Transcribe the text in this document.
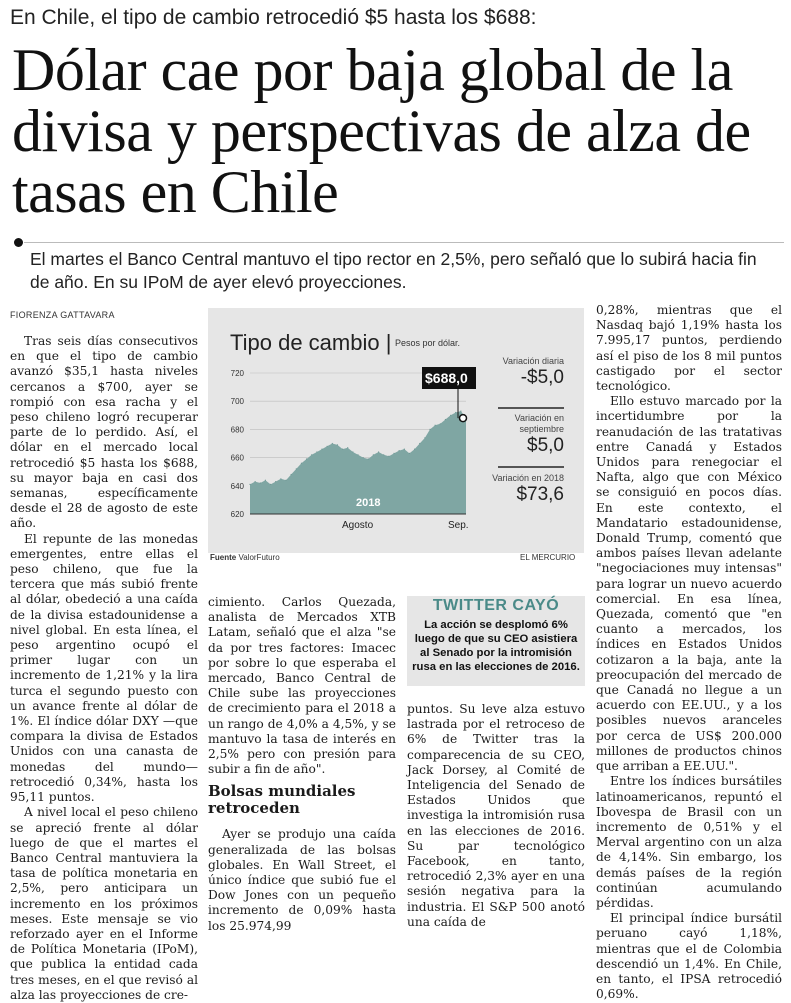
En Chile, el tipo de cambio retrocedió $5 hasta los $688:
Dólar cae por baja global de la divisa y perspectivas de alza de tasas en Chile
El martes el Banco Central mantuvo el tipo rector en 2,5%, pero señaló que lo subirá hacia fin de año. En su IPoM de ayer elevó proyecciones.
FIORENZA GATTAVARA

Tras seis días consecutivos en que el tipo de cambio avanzó $35,1 hasta niveles cercanos a $700, ayer se rompió con esa racha y el peso chileno logró recuperar parte de lo perdido. Así, el dólar en el mercado local retrocedió $5 hasta los $688, su mayor baja en casi dos semanas, específicamente desde el 28 de agosto de este año.

El repunte de las monedas emergentes, entre ellas el peso chileno, que fue la tercera que más subió frente al dólar, obedeció a una caída de la divisa estadounidense a nivel global. En esta línea, el peso argentino ocupó el primer lugar con un incremento de 1,21% y la lira turca el segundo puesto con un avance frente al dólar de 1%. El índice dólar DXY —que compara la divisa de Estados Unidos con una canasta de monedas del mundo— retrocedió 0,34%, hasta los 95,11 puntos.

A nivel local el peso chileno se apreció frente al dólar luego de que el martes el Banco Central mantuviera la tasa de política monetaria en 2,5%, pero anticipara un incremento en los próximos meses. Este mensaje se vio reforzado ayer en el Informe de Política Monetaria (IPoM), que publica la entidad cada tres meses, en el que revisó al alza las proyecciones de cre-

720
700
680
660
640
620
2018
Agosto	Sep.
$688,0
Tipo de cambio | Pesos por dólar.
Variación diaria
-$5,0
Variación en septiembre
$5,0
Variación en 2018
$73,6
Fuente ValorFuturo	EL MERCURIO

cimiento. Carlos Quezada, analista de Mercados XTB Latam, señaló que el alza "se da por tres factores: Imacec por sobre lo que esperaba el mercado, Banco Central de Chile sube las proyecciones de crecimiento para el 2018 a un rango de 4,0% a 4,5%, y se mantuvo la tasa de interés en 2,5% pero con presión para subir a fin de año".

Bolsas mundiales retroceden

Ayer se produjo una caída generalizada de las bolsas globales. En Wall Street, el único índice que subió fue el Dow Jones con un pequeño incremento de 0,09% hasta los 25.974,99

TWITTER CAYÓ
La acción se desplomó 6% luego de que su CEO asistiera al Senado por la intromisión rusa en las elecciones de 2016.

puntos. Su leve alza estuvo lastrada por el retroceso de 6% de Twitter tras la comparecencia de su CEO, Jack Dorsey, al Comité de Inteligencia del Senado de Estados Unidos que investiga la intromisión rusa en las elecciones de 2016. Su par tecnológico Facebook, en tanto, retrocedió 2,3% ayer en una sesión negativa para la industria. El S&P 500 anotó una caída de

0,28%, mientras que el Nasdaq bajó 1,19% hasta los 7.995,17 puntos, perdiendo así el piso de los 8 mil puntos castigado por el sector tecnológico.

Ello estuvo marcado por la incertidumbre por la reanudación de las tratativas entre Canadá y Estados Unidos para renegociar el Nafta, algo que con México se consiguió en pocos días. En este contexto, el Mandatario estadounidense, Donald Trump, comentó que ambos países llevan adelante "negociaciones muy intensas" para lograr un nuevo acuerdo comercial. En esa línea, Quezada, comentó que "en cuanto a mercados, los índices en Estados Unidos cotizaron a la baja, ante la preocupación del mercado de que Canadá no llegue a un acuerdo con EE.UU., y a los posibles nuevos aranceles por cerca de US$ 200.000 millones de productos chinos que arriban a EE.UU.".

Entre los índices bursátiles latinoamericanos, repuntó el Ibovespa de Brasil con un incremento de 0,51% y el Merval argentino con un alza de 4,14%. Sin embargo, los demás países de la región continúan acumulando pérdidas.

El principal índice bursátil peruano cayó 1,18%, mientras que el de Colombia descendió un 1,4%. En Chile, en tanto, el IPSA retrocedió 0,69%.
